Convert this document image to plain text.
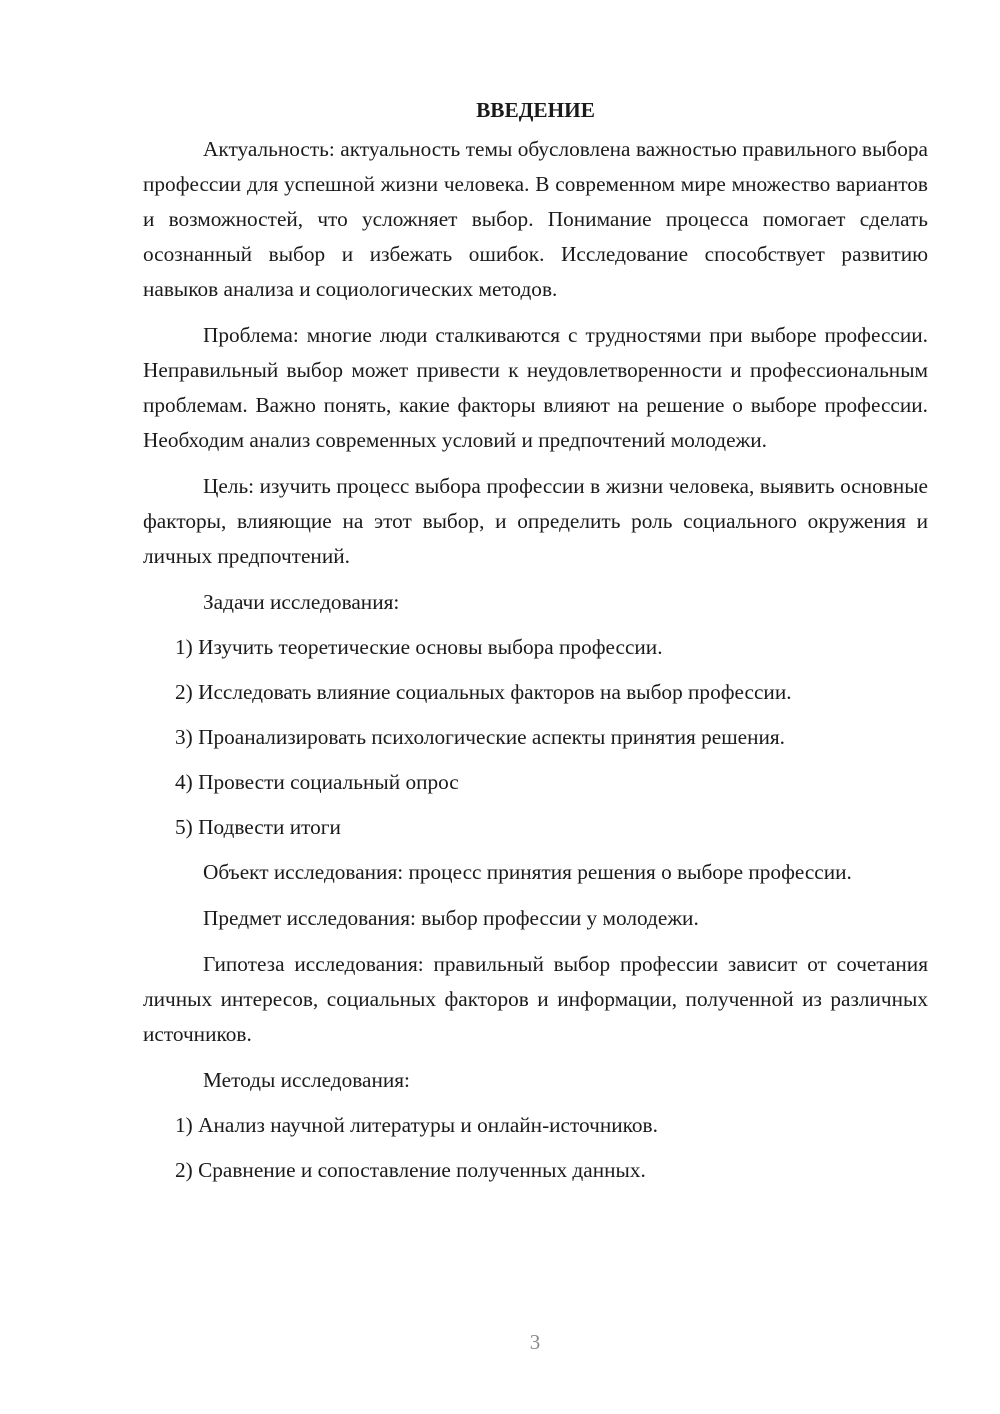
ВВЕДЕНИЕ

Актуальность: актуальность темы обусловлена важностью правильного выбора профессии для успешной жизни человека. В современном мире множество вариантов и возможностей, что усложняет выбор. Понимание процесса помогает сделать осознанный выбор и избежать ошибок. Исследование способствует развитию навыков анализа и социологических методов.

Проблема: многие люди сталкиваются с трудностями при выборе профессии. Неправильный выбор может привести к неудовлетворенности и профессиональным проблемам. Важно понять, какие факторы влияют на решение о выборе профессии. Необходим анализ современных условий и предпочтений молодежи.

Цель: изучить процесс выбора профессии в жизни человека, выявить основные факторы, влияющие на этот выбор, и определить роль социального окружения и личных предпочтений.

Задачи исследования:

1) Изучить теоретические основы выбора профессии.

2) Исследовать влияние социальных факторов на выбор профессии.

3) Проанализировать психологические аспекты принятия решения.

4) Провести социальный опрос

5) Подвести итоги

Объект исследования: процесс принятия решения о выборе профессии.

Предмет исследования: выбор профессии у молодежи.

Гипотеза исследования: правильный выбор профессии зависит от сочетания личных интересов, социальных факторов и информации, полученной из различных источников.

Методы исследования:

1) Анализ научной литературы и онлайн-источников.

2) Сравнение и сопоставление полученных данных.

3
